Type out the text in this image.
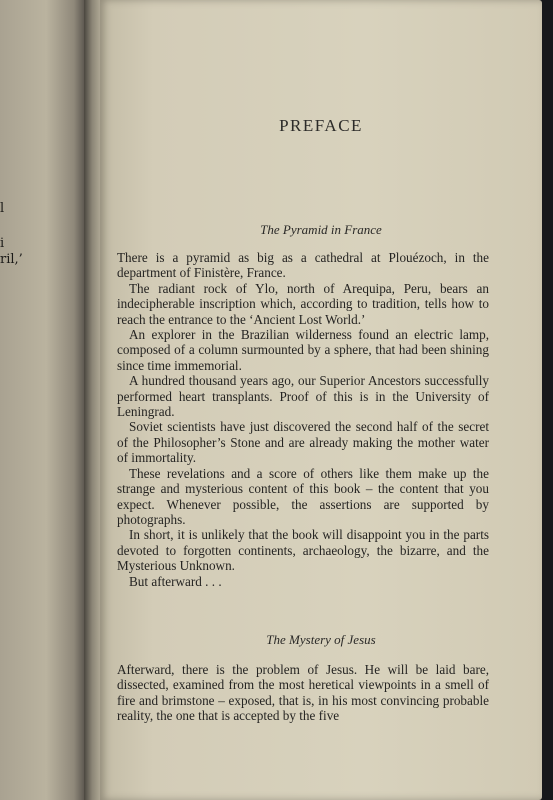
l
i
ril,’
PREFACE
The Pyramid in France

There is a pyramid as big as a cathedral at Plouézoch, in the department of Finistère, France.

The radiant rock of Ylo, north of Arequipa, Peru, bears an indecipherable inscription which, according to tradition, tells how to reach the entrance to the ‘Ancient Lost World.’

An explorer in the Brazilian wilderness found an electric lamp, composed of a column surmounted by a sphere, that had been shining since time immemorial.

A hundred thousand years ago, our Superior Ancestors successfully performed heart transplants. Proof of this is in the University of Leningrad.

Soviet scientists have just discovered the second half of the secret of the Philosopher’s Stone and are already making the mother water of immortality.

These revelations and a score of others like them make up the strange and mysterious content of this book – the content that you expect. Whenever possible, the assertions are supported by photographs.

In short, it is unlikely that the book will disappoint you in the parts devoted to forgotten continents, archaeology, the bizarre, and the Mysterious Unknown.

But afterward . . .

The Mystery of Jesus

Afterward, there is the problem of Jesus. He will be laid bare, dissected, examined from the most heretical viewpoints in a smell of fire and brimstone – exposed, that is, in his most convincing probable reality, the one that is accepted by the five
